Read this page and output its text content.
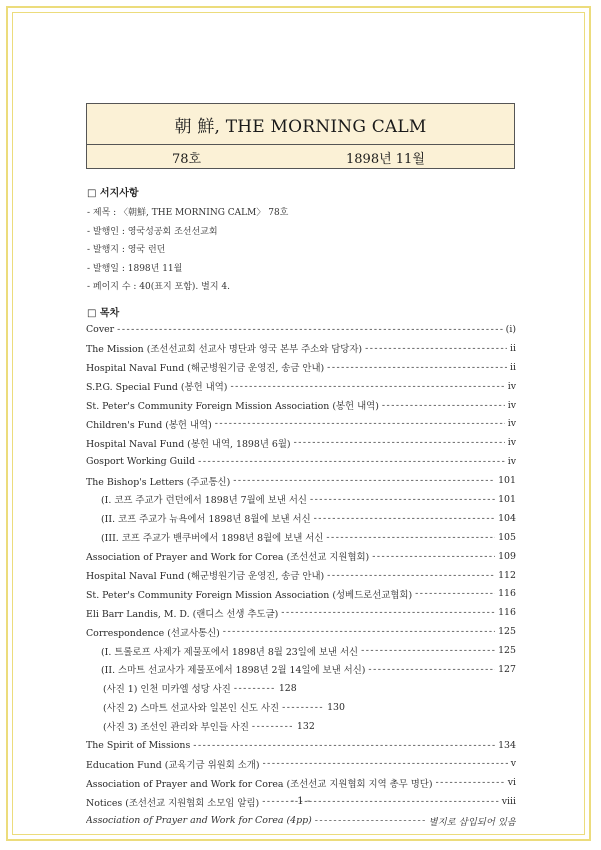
朝 鮮, THE MORNING CALM
78호	1898년 11월
□ 서지사항
- 제목 : 〈朝鮮, THE MORNING CALM〉 78호
- 발행인 : 영국성공회 조선선교회
- 발행지 : 영국 런던
- 발행일 : 1898년 11월
- 페이지 수 : 40(표지 포함). 별지 4.
□ 목차
Cover -----	(i)
The Mission (조선선교회 선교사 명단과 영국 본부 주소와 담당자) -----	ii
Hospital Naval Fund (해군병원기금 운영진, 송금 안내) -----	ii
S.P.G. Special Fund (봉헌 내역) -----	iv
St. Peter's Community Foreign Mission Association (봉헌 내역) -----	iv
Children's Fund (봉헌 내역) -----	iv
Hospital Naval Fund (봉헌 내역, 1898년 6월) -----	iv
Gosport Working Guild -----	iv
The Bishop's Letters (주교통신) -----	101
(I. 코프 주교가 런던에서 1898년 7월에 보낸 서신 -----	101
(II. 코프 주교가 뉴욕에서 1898년 8월에 보낸 서신 -----	104
(III. 코프 주교가 밴쿠버에서 1898년 8월에 보낸 서신 -----	105
Association of Prayer and Work for Corea (조선선교 지원협회) -----	109
Hospital Naval Fund (해군병원기금 운영진, 송금 안내) -----	112
St. Peter's Community Foreign Mission Association (성베드로선교협회) -----	116
Eli Barr Landis, M. D. (랜디스 선생 추도글) -----	116
Correspondence (선교사통신) -----	125
(I. 트롤로프 사제가 제물포에서 1898년 8월 23일에 보낸 서신 -----	125
(II. 스마트 선교사가 제물포에서 1898년 2월 14일에 보낸 서신) -----	127
(사진 1) 인천 미카엘 성당 사진 -----	128
(사진 2) 스마트 선교사와 일본인 신도 사진 -----	130
(사진 3) 조선인 관리와 부인들 사진 -----	132
The Spirit of Missions -----	134
Education Fund (교육기금 위원회 소개) -----	v
Association of Prayer and Work for Corea (조선선교 지원협회 지역 총무 명단) -----	vi
Notices (조선선교 지원협회 소모임 알림) -----	viii
Association of Prayer and Work for Corea (4pp) -----	별지로 삽입되어 있음
- 1 -
